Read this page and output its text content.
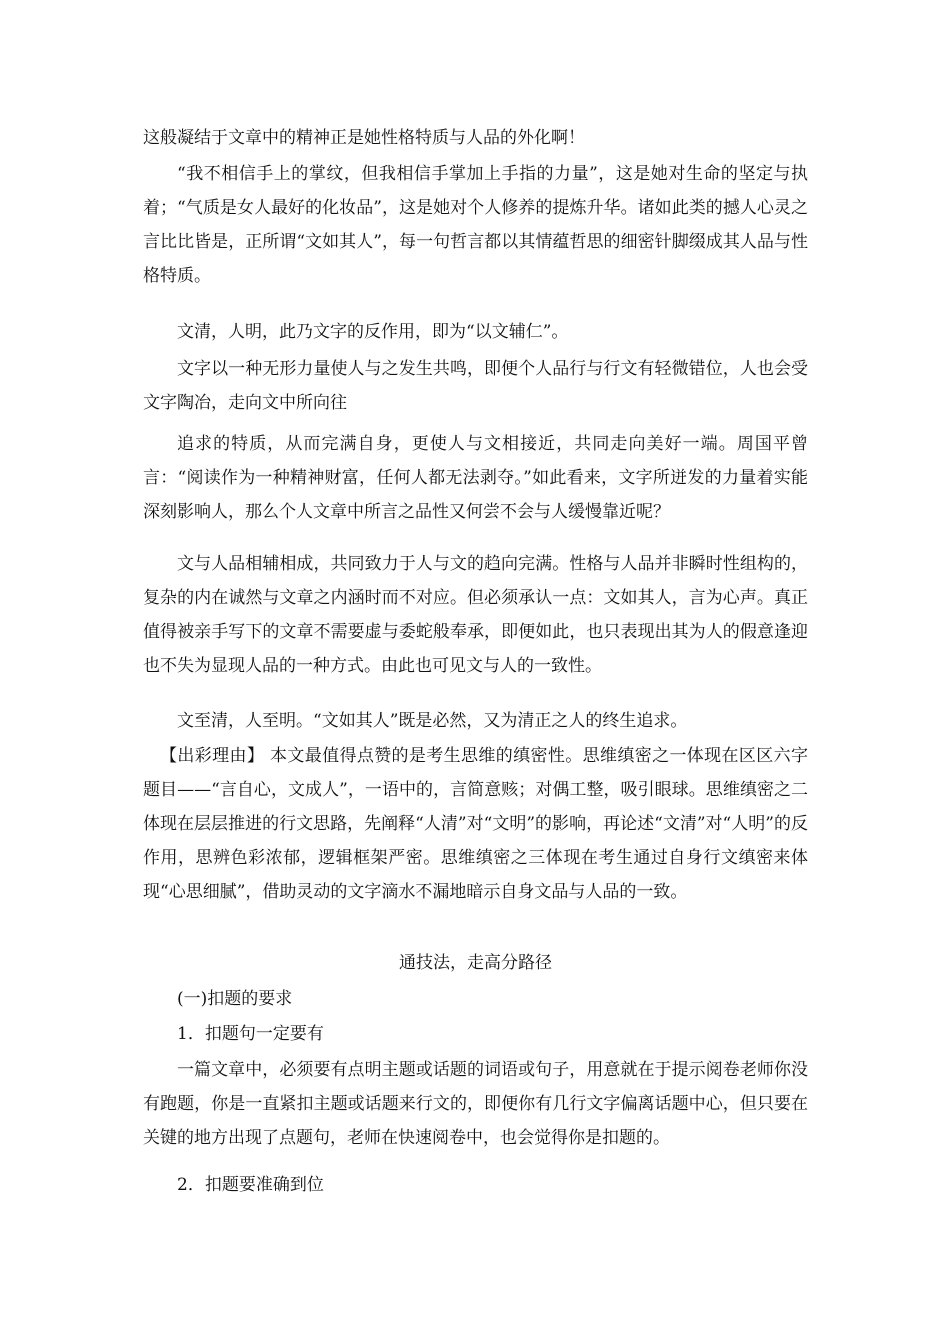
这般凝结于文章中的精神正是她性格特质与人品的外化啊！

“我不相信手上的掌纹，但我相信手掌加上手指的力量”，这是她对生命的坚定与执着；“气质是女人最好的化妆品”，这是她对个人修养的提炼升华。诸如此类的撼人心灵之言比比皆是，正所谓“文如其人”，每一句哲言都以其情蕴哲思的细密针脚缀成其人品与性格特质。

文清，人明，此乃文字的反作用，即为“以文辅仁”。

文字以一种无形力量使人与之发生共鸣，即便个人品行与行文有轻微错位，人也会受文字陶冶，走向文中所向往

追求的特质，从而完满自身，更使人与文相接近，共同走向美好一端。周国平曾言：“阅读作为一种精神财富，任何人都无法剥夺。”如此看来，文字所迸发的力量着实能深刻影响人，那么个人文章中所言之品性又何尝不会与人缓慢靠近呢？

文与人品相辅相成，共同致力于人与文的趋向完满。性格与人品并非瞬时性组构的，复杂的内在诚然与文章之内涵时而不对应。但必须承认一点：文如其人，言为心声。真正值得被亲手写下的文章不需要虚与委蛇般奉承，即便如此，也只表现出其为人的假意逢迎也不失为显现人品的一种方式。由此也可见文与人的一致性。

文至清，人至明。“文如其人”既是必然，又为清正之人的终生追求。

【出彩理由】 本文最值得点赞的是考生思维的缜密性。思维缜密之一体现在区区六字题目——“言自心，文成人”，一语中的，言简意赅；对偶工整，吸引眼球。思维缜密之二体现在层层推进的行文思路，先阐释“人清”对“文明”的影响，再论述“文清”对“人明”的反作用，思辨色彩浓郁，逻辑框架严密。思维缜密之三体现在考生通过自身行文缜密来体现“心思细腻”，借助灵动的文字滴水不漏地暗示自身文品与人品的一致。

通技法，走高分路径

(一)扣题的要求

1．扣题句一定要有

一篇文章中，必须要有点明主题或话题的词语或句子，用意就在于提示阅卷老师你没有跑题，你是一直紧扣主题或话题来行文的，即便你有几行文字偏离话题中心，但只要在关键的地方出现了点题句，老师在快速阅卷中，也会觉得你是扣题的。

2．扣题要准确到位
